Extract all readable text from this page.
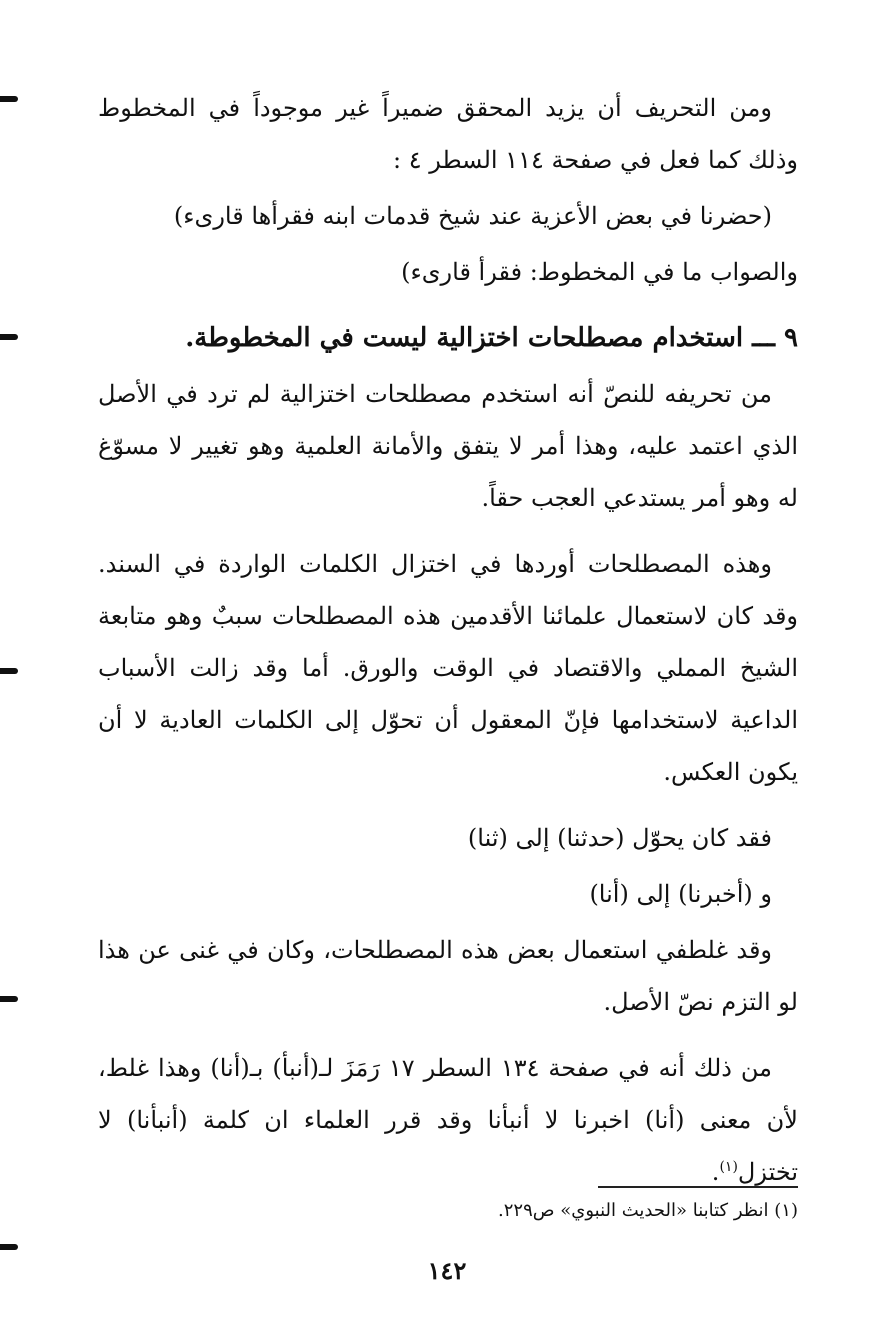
ومن التحريف أن يزيد المحقق ضميراً غير موجوداً في المخطوط وذلك كما فعل في صفحة ١١٤ السطر ٤ :

(حضرنا في بعض الأعزية عند شيخ قدمات ابنه فقرأها قارىء)

والصواب ما في المخطوط: فقرأ قارىء)

٩ ـــ استخدام مصطلحات اختزالية ليست في المخطوطة.

من تحريفه للنصّ أنه استخدم مصطلحات اختزالية لم ترد في الأصل الذي اعتمد عليه، وهذا أمر لا يتفق والأمانة العلمية وهو تغيير لا مسوّغ له وهو أمر يستدعي العجب حقاً.

وهذه المصطلحات أوردها في اختزال الكلمات الواردة في السند. وقد كان لاستعمال علمائنا الأقدمين هذه المصطلحات سببٌ وهو متابعة الشيخ المملي والاقتصاد في الوقت والورق. أما وقد زالت الأسباب الداعية لاستخدامها فإنّ المعقول أن تحوّل إلى الكلمات العادية لا أن يكون العكس.

فقد كان يحوّل (حدثنا) إلى (ثنا)

و (أخبرنا) إلى (أنا)

وقد غلطفي استعمال بعض هذه المصطلحات، وكان في غنى عن هذا لو التزم نصّ الأصل.

من ذلك أنه في صفحة ١٣٤ السطر ١٧ رَمَزَ لـ(أنبأ) بـ(أنا) وهذا غلط، لأن معنى (أنا) اخبرنا لا أنبأنا وقد قرر العلماء ان كلمة (أنبأنا) لا تختزل$^{(١)}$.

(١) انظر كتابنا «الحديث النبوي» ص٢٢٩.
١٤٢
